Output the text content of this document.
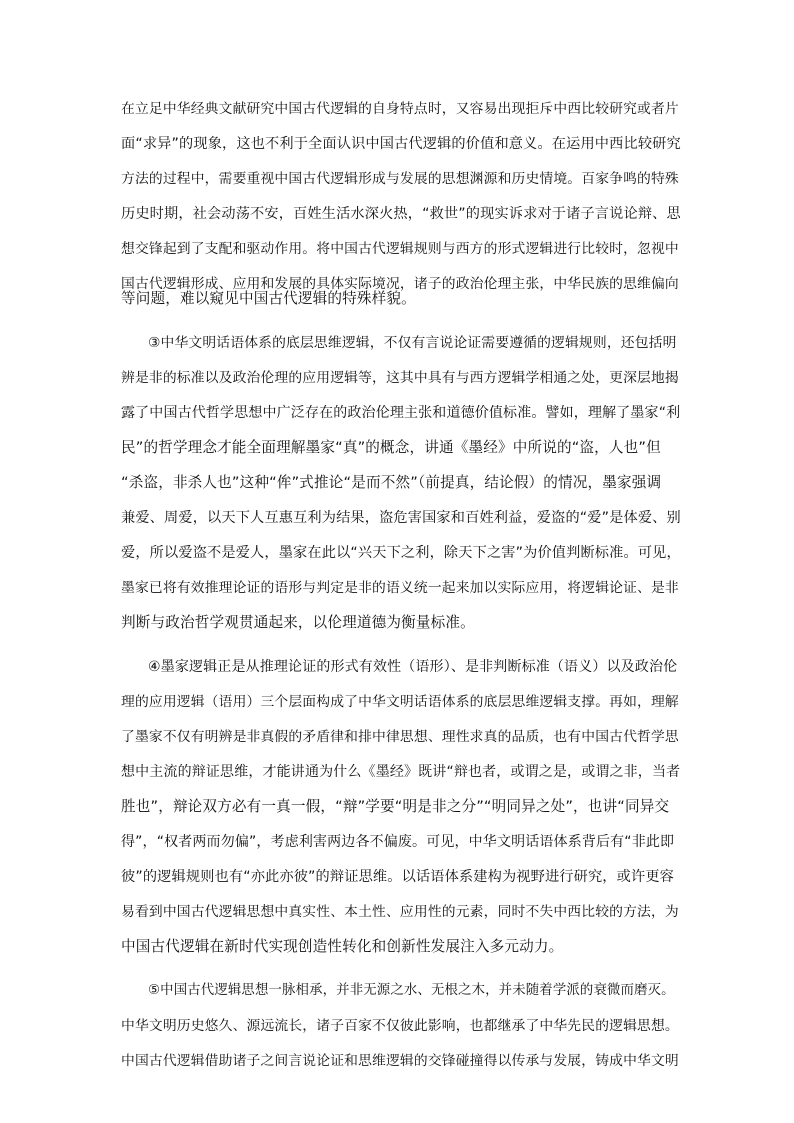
在立足中华经典文献研究中国古代逻辑的自身特点时，又容易出现拒斥中西比较研究或者片
面“求异”的现象，这也不利于全面认识中国古代逻辑的价值和意义。在运用中西比较研究
方法的过程中，需要重视中国古代逻辑形成与发展的思想渊源和历史情境。百家争鸣的特殊
历史时期，社会动荡不安，百姓生活水深火热，“救世”的现实诉求对于诸子言说论辩、思
想交锋起到了支配和驱动作用。将中国古代逻辑规则与西方的形式逻辑进行比较时，忽视中
国古代逻辑形成、应用和发展的具体实际境况，诸子的政治伦理主张，中华民族的思维偏向
等问题，难以窥见中国古代逻辑的特殊样貌。
③中华文明话语体系的底层思维逻辑，不仅有言说论证需要遵循的逻辑规则，还包括明
辨是非的标准以及政治伦理的应用逻辑等，这其中具有与西方逻辑学相通之处，更深层地揭
露了中国古代哲学思想中广泛存在的政治伦理主张和道德价值标准。譬如，理解了墨家“利
民”的哲学理念才能全面理解墨家“真”的概念，讲通《墨经》中所说的“盗，人也”但
“杀盗，非杀人也”这种“侔”式推论“是而不然”（前提真，结论假）的情况，墨家强调
兼爱、周爱，以天下人互惠互利为结果，盗危害国家和百姓利益，爱盗的“爱”是体爱、别
爱，所以爱盗不是爱人，墨家在此以“兴天下之利，除天下之害”为价值判断标准。可见，
墨家已将有效推理论证的语形与判定是非的语义统一起来加以实际应用，将逻辑论证、是非
判断与政治哲学观贯通起来，以伦理道德为衡量标准。
④墨家逻辑正是从推理论证的形式有效性（语形）、是非判断标准（语义）以及政治伦
理的应用逻辑（语用）三个层面构成了中华文明话语体系的底层思维逻辑支撑。再如，理解
了墨家不仅有明辨是非真假的矛盾律和排中律思想、理性求真的品质，也有中国古代哲学思
想中主流的辩证思维，才能讲通为什么《墨经》既讲“辩也者，或谓之是，或谓之非，当者
胜也”，辩论双方必有一真一假，“辩”学要“明是非之分”“明同异之处”，也讲“同异交
得”，“权者两而勿偏”，考虑利害两边各不偏废。可见，中华文明话语体系背后有“非此即
彼”的逻辑规则也有“亦此亦彼”的辩证思维。以话语体系建构为视野进行研究，或许更容
易看到中国古代逻辑思想中真实性、本土性、应用性的元素，同时不失中西比较的方法，为
中国古代逻辑在新时代实现创造性转化和创新性发展注入多元动力。
⑤中国古代逻辑思想一脉相承，并非无源之水、无根之木，并未随着学派的衰微而磨灭。
中华文明历史悠久、源远流长，诸子百家不仅彼此影响，也都继承了中华先民的逻辑思想。
中国古代逻辑借助诸子之间言说论证和思维逻辑的交锋碰撞得以传承与发展，铸成中华文明
